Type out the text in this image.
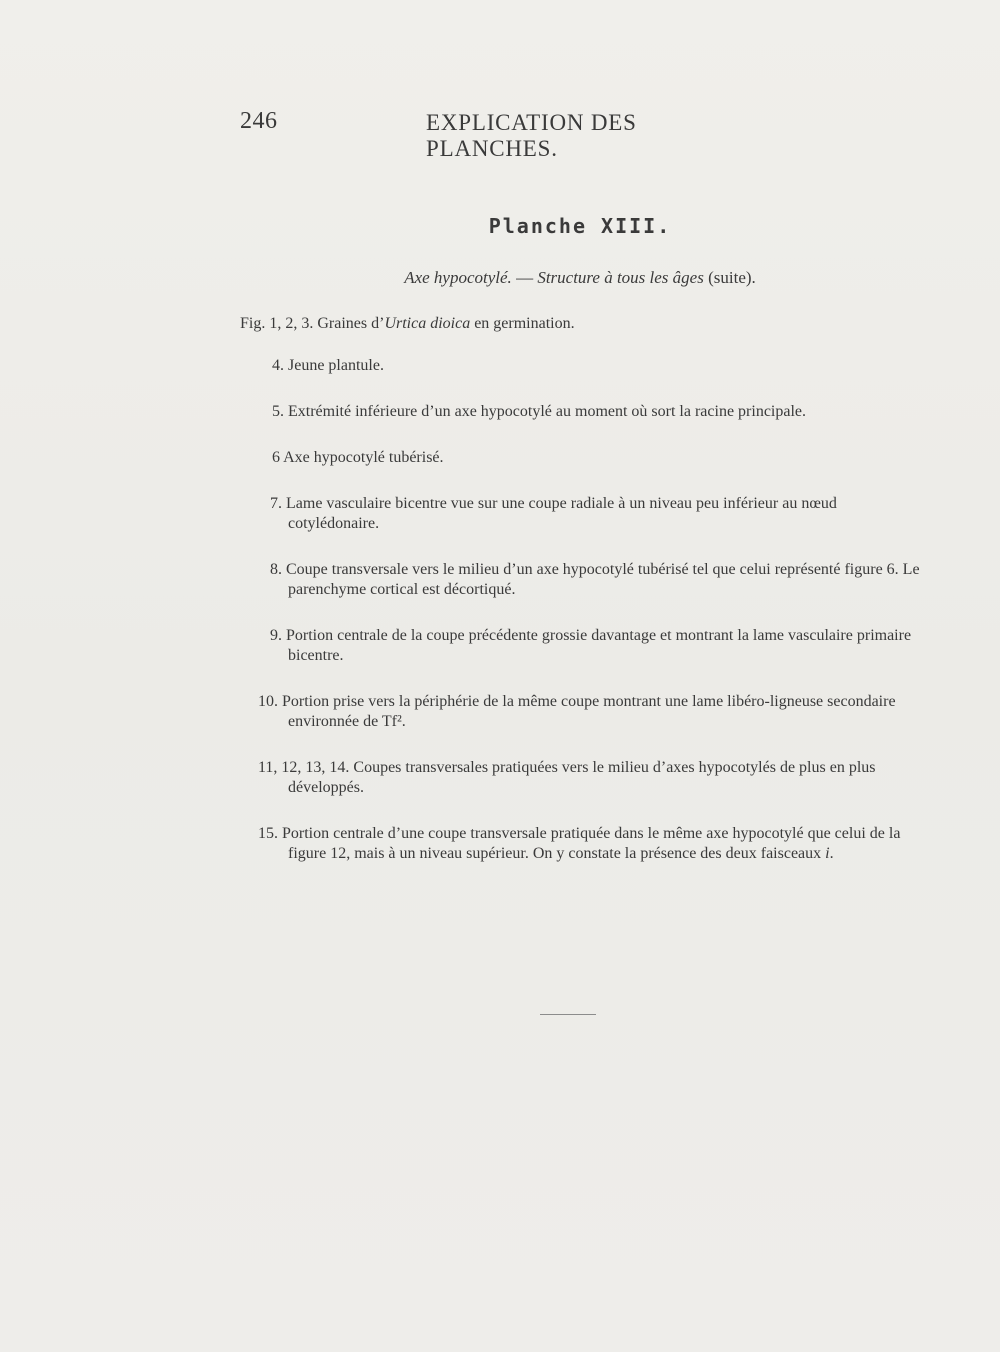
246	EXPLICATION DES PLANCHES.
Planche XIII.
Axe hypocotylé. — Structure à tous les âges (suite).
Fig. 1, 2, 3. Graines d’Urtica dioica en germination.
4. Jeune plantule.
5. Extrémité inférieure d’un axe hypocotylé au moment où sort la racine principale.
6 Axe hypocotylé tubérisé.
7. Lame vasculaire bicentre vue sur une coupe radiale à un niveau peu inférieur au nœud cotylédonaire.
8. Coupe transversale vers le milieu d’un axe hypocotylé tubérisé tel que celui représenté figure 6. Le parenchyme cortical est décortiqué.
9. Portion centrale de la coupe précédente grossie davantage et montrant la lame vasculaire primaire bicentre.
10. Portion prise vers la périphérie de la même coupe montrant une lame libéro-ligneuse secondaire environnée de Tf².
11, 12, 13, 14. Coupes transversales pratiquées vers le milieu d’axes hypocotylés de plus en plus développés.
15. Portion centrale d’une coupe transversale pratiquée dans le même axe hypocotylé que celui de la figure 12, mais à un niveau supérieur. On y constate la présence des deux faisceaux i.
